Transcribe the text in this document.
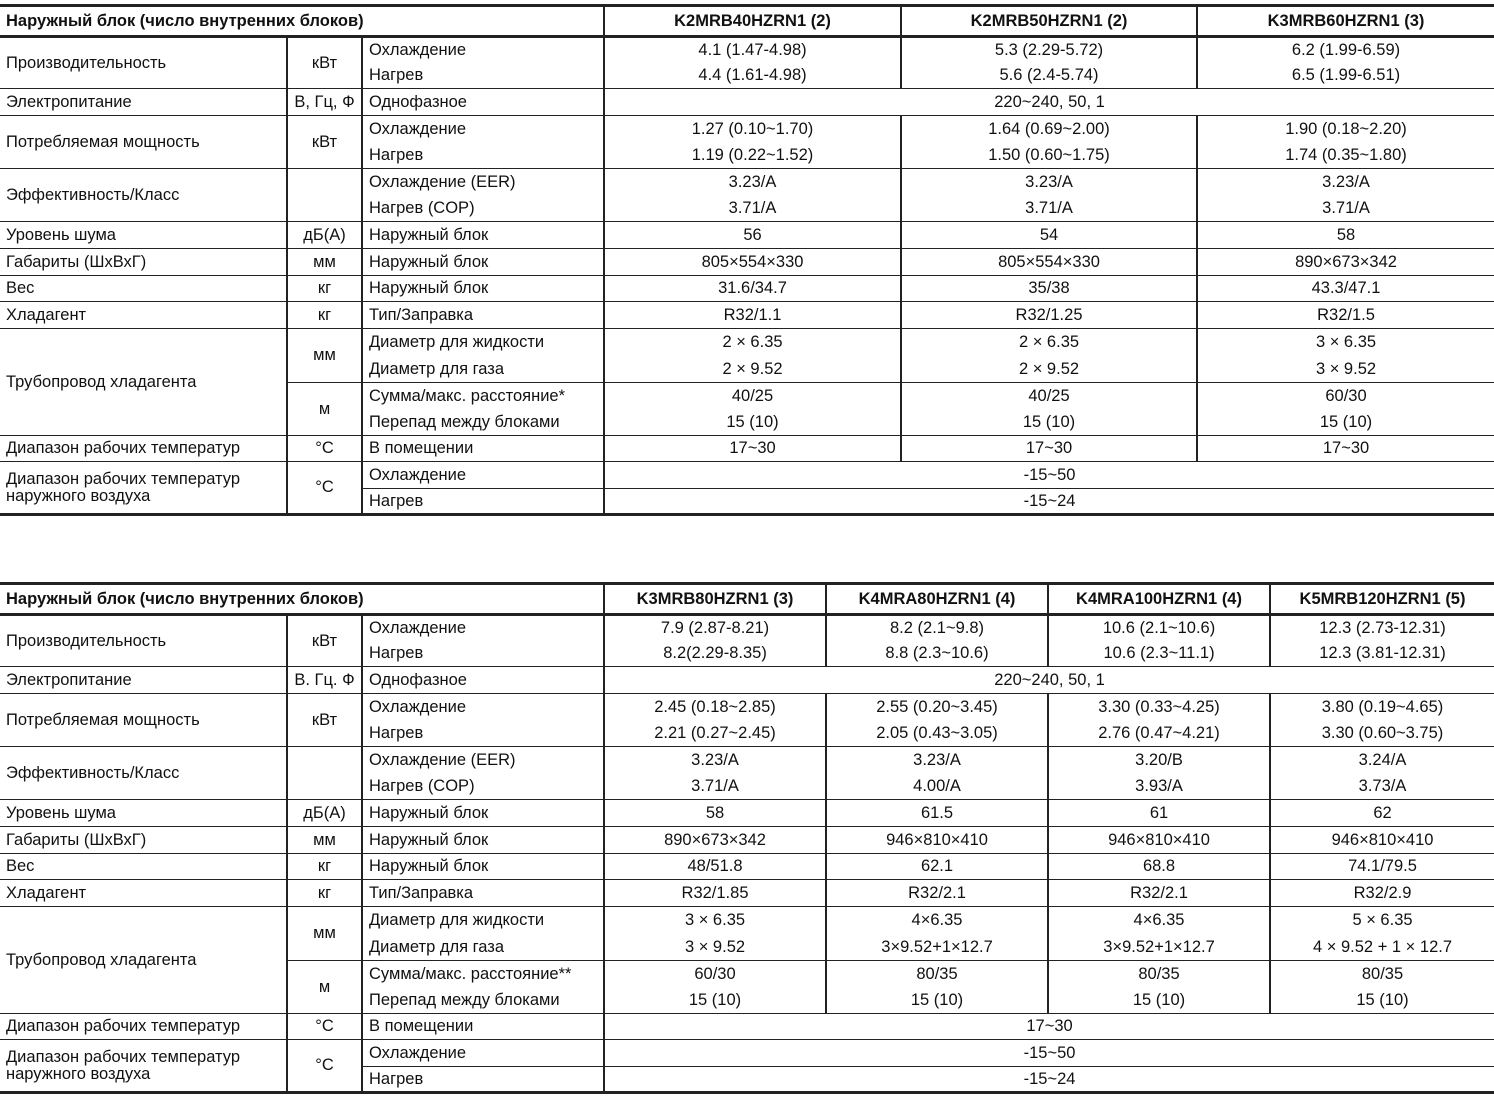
Наружный блок (число внутренних блоков)			K2MRB40HZRN1 (2)	K2MRB50HZRN1 (2)	K3MRB60HZRN1 (3)
Производительность	кВт	Охлаждение	4.1 (1.47-4.98)	5.3 (2.29-5.72)	6.2 (1.99-6.59)
		Нагрев	4.4 (1.61-4.98)	5.6 (2.4-5.74)	6.5 (1.99-6.51)
Электропитание	В, Гц, Ф	Однофазное	220~240, 50, 1		
Потребляемая мощность	кВт	Охлаждение	1.27 (0.10~1.70)	1.64 (0.69~2.00)	1.90 (0.18~2.20)
		Нагрев	1.19 (0.22~1.52)	1.50 (0.60~1.75)	1.74 (0.35~1.80)
Эффективность/Класс		Охлаждение (EER)	3.23/A	3.23/A	3.23/A
		Нагрев (COP)	3.71/A	3.71/A	3.71/A
Уровень шума	дБ(А)	Наружный блок	56	54	58
Габариты (ШхВхГ)	мм	Наружный блок	805×554×330	805×554×330	890×673×342
Вес	кг	Наружный блок	31.6/34.7	35/38	43.3/47.1
Хладагент	кг	Тип/Заправка	R32/1.1	R32/1.25	R32/1.5
Трубопровод хладагента	мм	Диаметр для жидкости	2 × 6.35	2 × 6.35	3 × 6.35
		Диаметр для газа	2 × 9.52	2 × 9.52	3 × 9.52
	м	Сумма/макс. расстояние*	40/25	40/25	60/30
		Перепад между блоками	15 (10)	15 (10)	15 (10)
Диапазон рабочих температур	°С	В помещении	17~30	17~30	17~30
Диапазон рабочих температур наружного воздуха	°С	Охлаждение	-15~50		
		Нагрев	-15~24		
Наружный блок (число внутренних блоков)			K3MRB80HZRN1 (3)	K4MRA80HZRN1 (4)	K4MRA100HZRN1 (4)	K5MRB120HZRN1 (5)
Производительность	кВт	Охлаждение	7.9 (2.87-8.21)	8.2 (2.1~9.8)	10.6 (2.1~10.6)	12.3 (2.73-12.31)
		Нагрев	8.2(2.29-8.35)	8.8 (2.3~10.6)	10.6 (2.3~11.1)	12.3 (3.81-12.31)
Электропитание	В. Гц. Ф	Однофазное	220~240, 50, 1			
Потребляемая мощность	кВт	Охлаждение	2.45 (0.18~2.85)	2.55 (0.20~3.45)	3.30 (0.33~4.25)	3.80 (0.19~4.65)
		Нагрев	2.21 (0.27~2.45)	2.05 (0.43~3.05)	2.76 (0.47~4.21)	3.30 (0.60~3.75)
Эффективность/Класс		Охлаждение (EER)	3.23/A	3.23/A	3.20/B	3.24/A
		Нагрев (COP)	3.71/A	4.00/A	3.93/A	3.73/A
Уровень шума	дБ(А)	Наружный блок	58	61.5	61	62
Габариты (ШхВхГ)	мм	Наружный блок	890×673×342	946×810×410	946×810×410	946×810×410
Вес	кг	Наружный блок	48/51.8	62.1	68.8	74.1/79.5
Хладагент	кг	Тип/Заправка	R32/1.85	R32/2.1	R32/2.1	R32/2.9
Трубопровод хладагента	мм	Диаметр для жидкости	3 × 6.35	4×6.35	4×6.35	5 × 6.35
		Диаметр для газа	3 × 9.52	3×9.52+1×12.7	3×9.52+1×12.7	4 × 9.52 + 1 × 12.7
	м	Сумма/макс. расстояние**	60/30	80/35	80/35	80/35
		Перепад между блоками	15 (10)	15 (10)	15 (10)	15 (10)
Диапазон рабочих температур	°С	В помещении	17~30			
Диапазон рабочих температур наружного воздуха	°С	Охлаждение	-15~50			
		Нагрев	-15~24			
